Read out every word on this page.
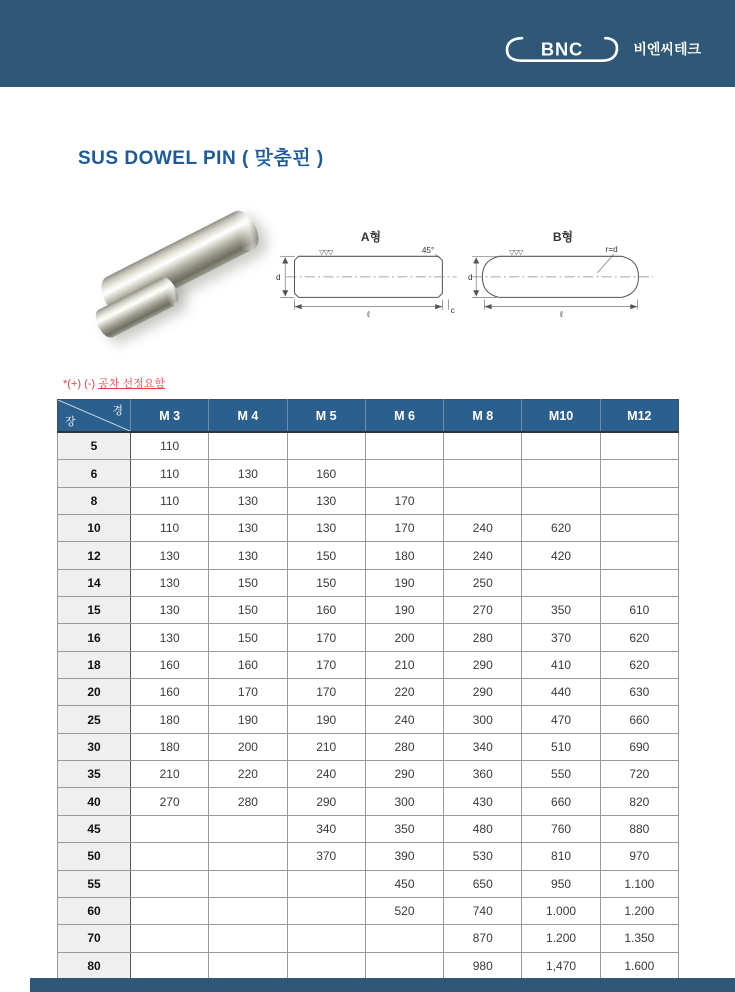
BNC	비엔씨테크
SUS DOWEL PIN ( 맞춤핀 )
A형
▽▽▽	45°
d
ℓ	c
B형
▽▽▽	r=d
d
ℓ
*(+) (-) 공차 선정요함
경
장	M 3	M 4	M 5	M 6	M 8	M10	M12
5	110						
6	110	130	160				
8	110	130	130	170			
10	110	130	130	170	240	620	
12	130	130	150	180	240	420	
14	130	150	150	190	250		
15	130	150	160	190	270	350	610
16	130	150	170	200	280	370	620
18	160	160	170	210	290	410	620
20	160	170	170	220	290	440	630
25	180	190	190	240	300	470	660
30	180	200	210	280	340	510	690
35	210	220	240	290	360	550	720
40	270	280	290	300	430	660	820
45			340	350	480	760	880
50			370	390	530	810	970
55				450	650	950	1.100
60				520	740	1.000	1.200
70					870	1.200	1.350
80					980	1,470	1.600
